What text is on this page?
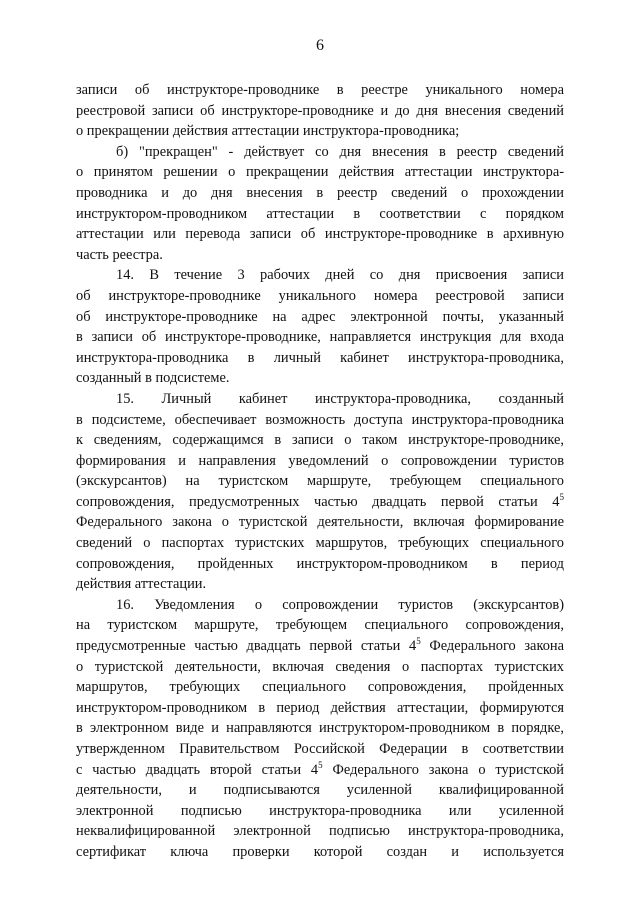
6
записи об инструкторе-проводнике в реестре уникального номера
реестровой записи об инструкторе-проводнике и до дня внесения сведений
о прекращении действия аттестации инструктора-проводника;
б) "прекращен" - действует со дня внесения в реестр сведений
о принятом решении о прекращении действия аттестации инструктора-
проводника и до дня внесения в реестр сведений о прохождении
инструктором-проводником аттестации в соответствии с порядком
аттестации или перевода записи об инструкторе-проводнике в архивную
часть реестра.
14. В течение 3 рабочих дней со дня присвоения записи
об инструкторе-проводнике уникального номера реестровой записи
об инструкторе-проводнике на адрес электронной почты, указанный
в записи об инструкторе-проводнике, направляется инструкция для входа
инструктора-проводника в личный кабинет инструктора-проводника,
созданный в подсистеме.
15. Личный кабинет инструктора-проводника, созданный
в подсистеме, обеспечивает возможность доступа инструктора-проводника
к сведениям, содержащимся в записи о таком инструкторе-проводнике,
формирования и направления уведомлений о сопровождении туристов
(экскурсантов) на туристском маршруте, требующем специального
сопровождения, предусмотренных частью двадцать первой статьи $4^5$
Федерального закона о туристской деятельности, включая формирование
сведений о паспортах туристских маршрутов, требующих специального
сопровождения, пройденных инструктором-проводником в период
действия аттестации.
16. Уведомления о сопровождении туристов (экскурсантов)
на туристском маршруте, требующем специального сопровождения,
предусмотренные частью двадцать первой статьи $4^5$ Федерального закона
о туристской деятельности, включая сведения о паспортах туристских
маршрутов, требующих специального сопровождения, пройденных
инструктором-проводником в период действия аттестации, формируются
в электронном виде и направляются инструктором-проводником в порядке,
утвержденном Правительством Российской Федерации в соответствии
с частью двадцать второй статьи $4^5$ Федерального закона о туристской
деятельности, и подписываются усиленной квалифицированной
электронной подписью инструктора-проводника или усиленной
неквалифицированной электронной подписью инструктора-проводника,
сертификат ключа проверки которой создан и используется
